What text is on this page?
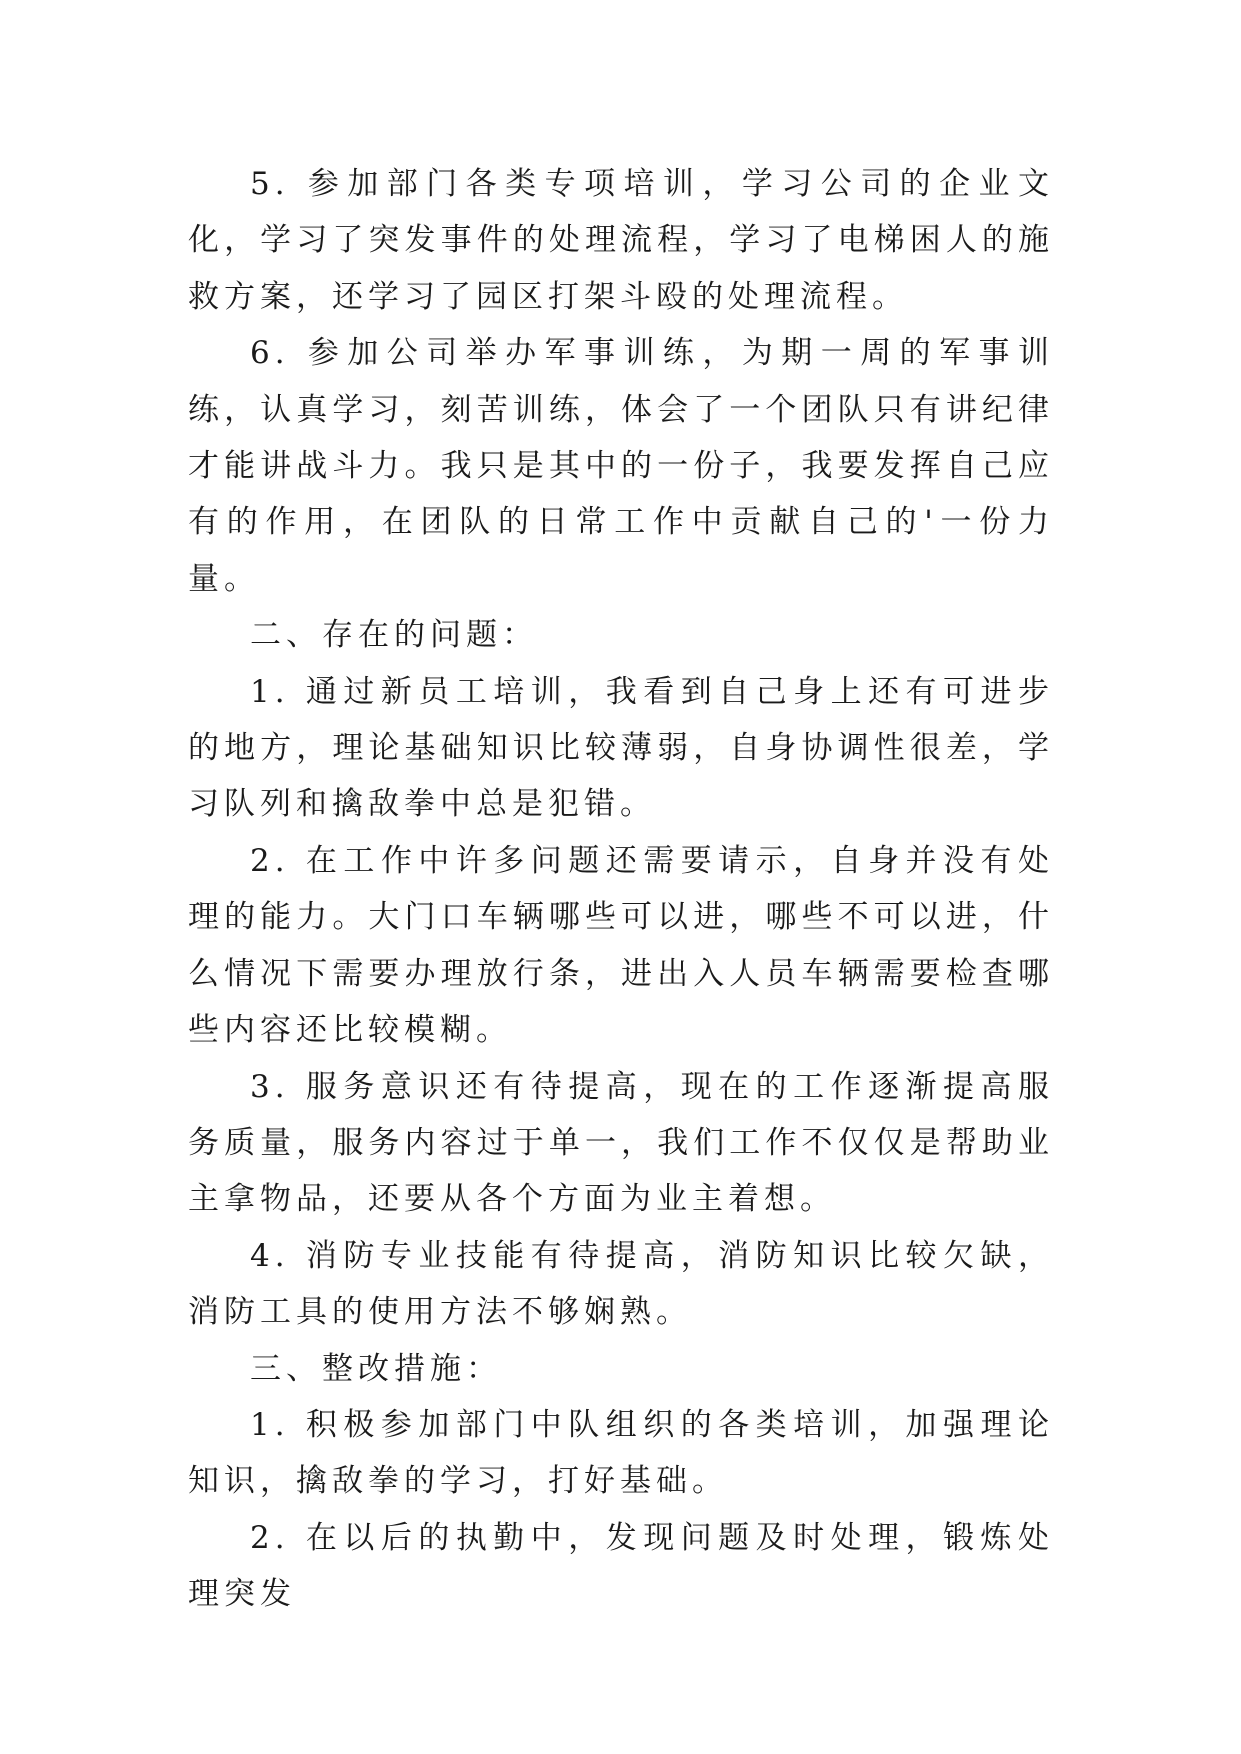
5. 参加部门各类专项培训，学习公司的企业文化，学习了突发事件的处理流程，学习了电梯困人的施救方案，还学习了园区打架斗殴的处理流程。

6. 参加公司举办军事训练，为期一周的军事训练，认真学习，刻苦训练，体会了一个团队只有讲纪律才能讲战斗力。我只是其中的一份子，我要发挥自己应有的作用，在团队的日常工作中贡献自己的'一份力量。

二、存在的问题：

1. 通过新员工培训，我看到自己身上还有可进步的地方，理论基础知识比较薄弱，自身协调性很差，学习队列和擒敌拳中总是犯错。

2. 在工作中许多问题还需要请示，自身并没有处理的能力。大门口车辆哪些可以进，哪些不可以进，什么情况下需要办理放行条，进出入人员车辆需要检查哪些内容还比较模糊。

3. 服务意识还有待提高，现在的工作逐渐提高服务质量，服务内容过于单一，我们工作不仅仅是帮助业主拿物品，还要从各个方面为业主着想。

4. 消防专业技能有待提高，消防知识比较欠缺，消防工具的使用方法不够娴熟。

三、整改措施：

1. 积极参加部门中队组织的各类培训，加强理论知识，擒敌拳的学习，打好基础。

2. 在以后的执勤中，发现问题及时处理，锻炼处理突发
